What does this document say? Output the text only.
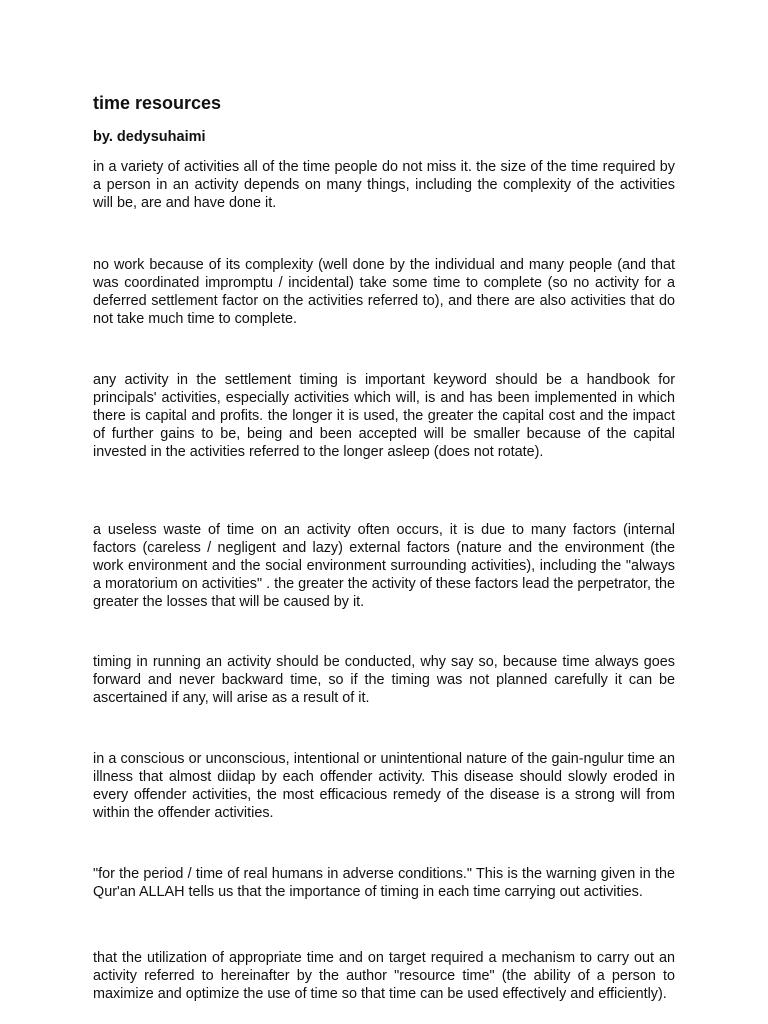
time resources

by. dedysuhaimi

in a variety of activities all of the time people do not miss it. the size of the time required by a person in an activity depends on many things, including the complexity of the activities will be, are and have done it.

no work because of its complexity (well done by the individual and many people (and that was coordinated impromptu / incidental) take some time to complete (so no activity for a deferred settlement factor on the activities referred to), and there are also activities that do not take much time to complete.

any activity in the settlement timing is important keyword should be a handbook for principals' activities, especially activities which will, is and has been implemented in which there is capital and profits. the longer it is used, the greater the capital cost and the impact of further gains to be, being and been accepted will be smaller because of the capital invested in the activities referred to the longer asleep (does not rotate).

a useless waste of time on an activity often occurs, it is due to many factors (internal factors (careless / negligent and lazy) external factors (nature and the environment (the work environment and the social environment surrounding activities), including the "always a moratorium on activities" . the greater the activity of these factors lead the perpetrator, the greater the losses that will be caused by it.

timing in running an activity should be conducted, why say so, because time always goes forward and never backward time, so if the timing was not planned carefully it can be ascertained if any, will arise as a result of it.

in a conscious or unconscious, intentional or unintentional nature of the gain-ngulur time an illness that almost diidap by each offender activity. This disease should slowly eroded in every offender activities, the most efficacious remedy of the disease is a strong will from within the offender activities.

"for the period / time of real humans in adverse conditions." This is the warning given in the Qur'an ALLAH tells us that the importance of timing in each time carrying out activities.

that the utilization of appropriate time and on target required a mechanism to carry out an activity referred to hereinafter by the author "resource time" (the ability of a person to maximize and optimize the use of time so that time can be used effectively and efficiently).
